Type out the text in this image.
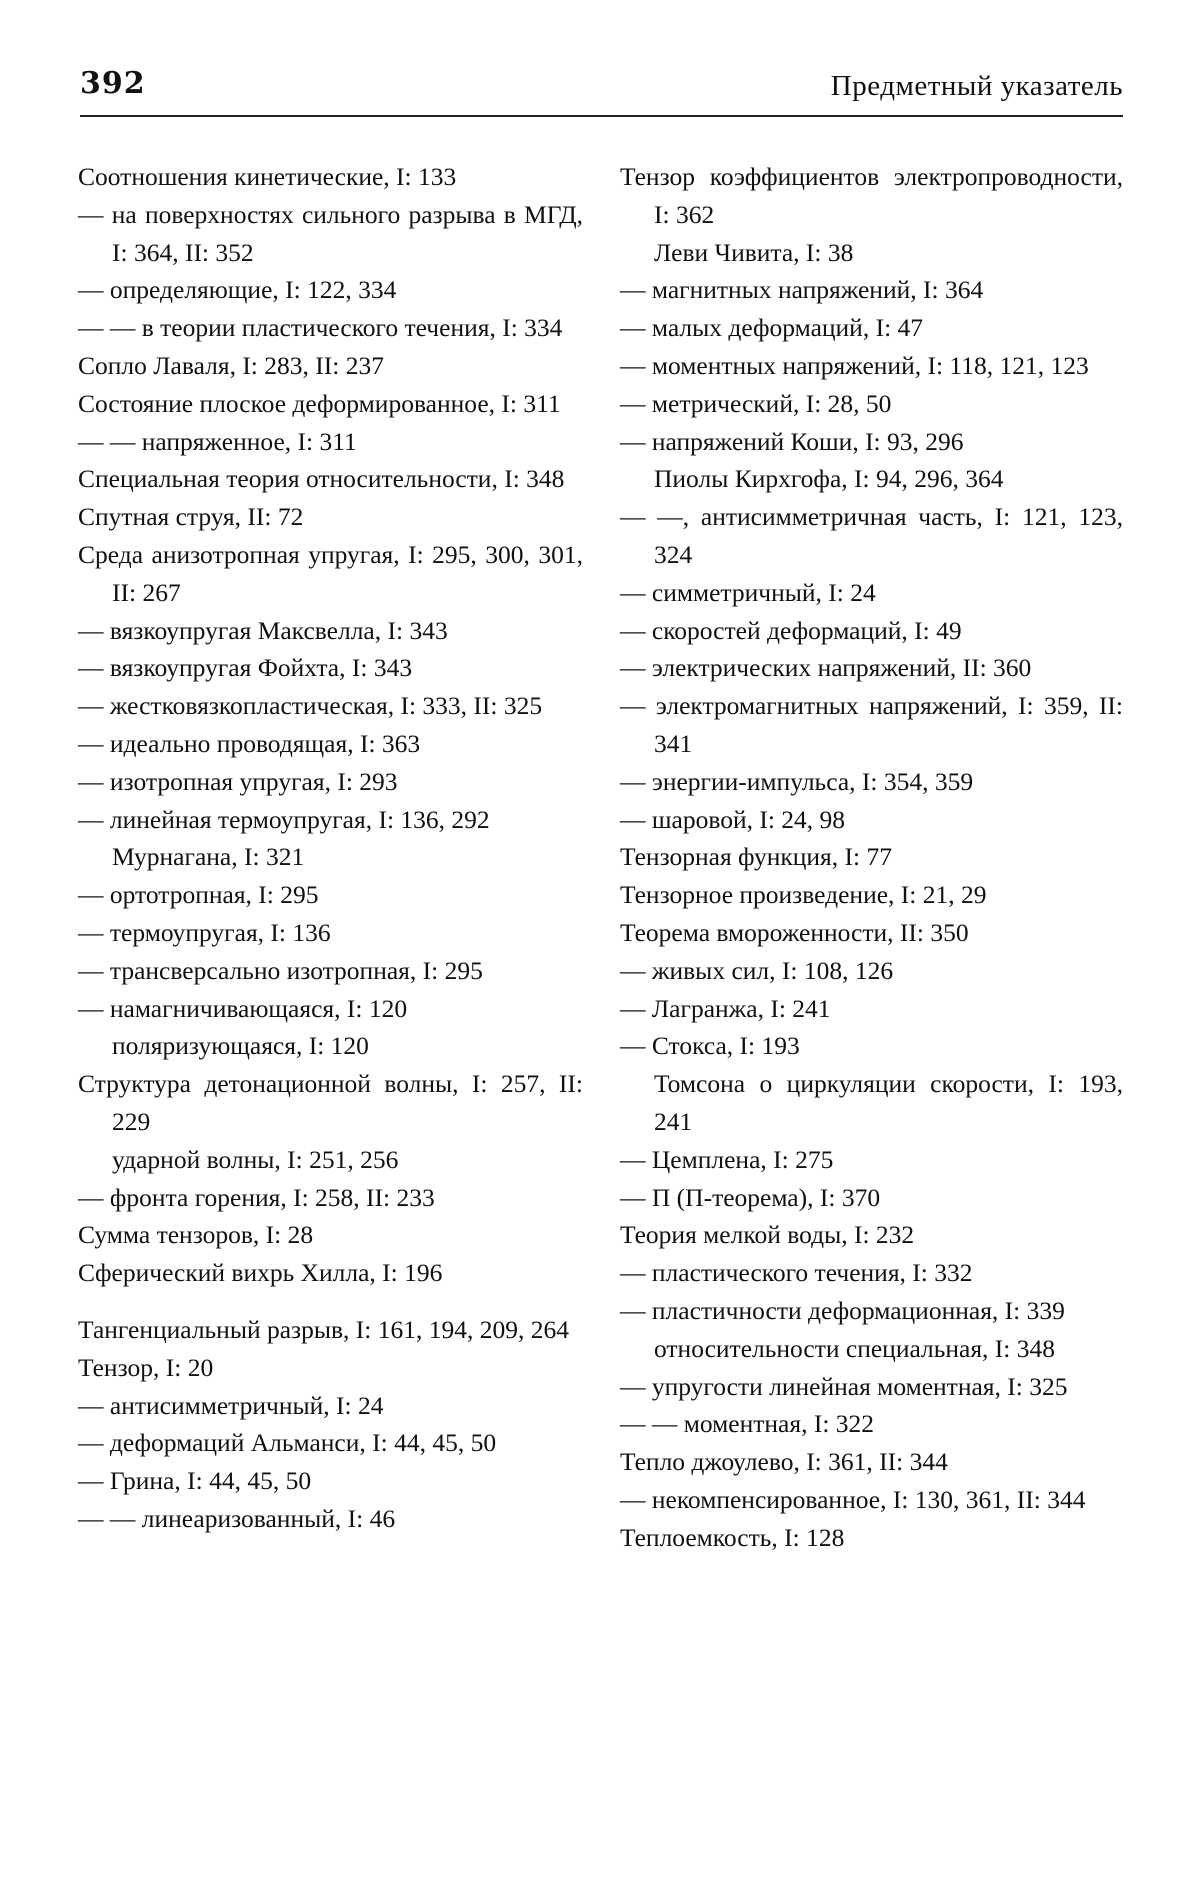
392	Предметный указатель
Соотношения кинетические, I: 133
— на поверхностях сильного разрыва в МГД, I: 364, II: 352
— определяющие, I: 122, 334
— — в теории пластического течения, I: 334
Сопло Лаваля, I: 283, II: 237
Состояние плоское деформированное, I: 311
— — напряженное, I: 311
Специальная теория относительности, I: 348
Спутная струя, II: 72
Среда анизотропная упругая, I: 295, 300, 301, II: 267
— вязкоупругая Максвелла, I: 343
— вязкоупругая Фойхта, I: 343
— жестковязкопластическая, I: 333, II: 325
— идеально проводящая, I: 363
— изотропная упругая, I: 293
— линейная термоупругая, I: 136, 292
Мурнагана, I: 321
— ортотропная, I: 295
— термоупругая, I: 136
— трансверсально изотропная, I: 295
— намагничивающаяся, I: 120
поляризующаяся, I: 120
Структура детонационной волны, I: 257, II: 229
ударной волны, I: 251, 256
— фронта горения, I: 258, II: 233
Сумма тензоров, I: 28
Сферический вихрь Хилла, I: 196
Тангенциальный разрыв, I: 161, 194, 209, 264
Тензор, I: 20
— антисимметричный, I: 24
— деформаций Альманси, I: 44, 45, 50
— Грина, I: 44, 45, 50
— — линеаризованный, I: 46
Тензор коэффициентов электропроводности, I: 362
Леви Чивита, I: 38
— магнитных напряжений, I: 364
— малых деформаций, I: 47
— моментных напряжений, I: 118, 121, 123
— метрический, I: 28, 50
— напряжений Коши, I: 93, 296
Пиолы Кирхгофа, I: 94, 296, 364
— —, антисимметричная часть, I: 121, 123, 324
— симметричный, I: 24
— скоростей деформаций, I: 49
— электрических напряжений, II: 360
— электромагнитных напряжений, I: 359, II: 341
— энергии-импульса, I: 354, 359
— шаровой, I: 24, 98
Тензорная функция, I: 77
Тензорное произведение, I: 21, 29
Теорема вмороженности, II: 350
— живых сил, I: 108, 126
— Лагранжа, I: 241
— Стокса, I: 193
Томсона о циркуляции скорости, I: 193, 241
— Цемплена, I: 275
— П (П-теорема), I: 370
Теория мелкой воды, I: 232
— пластического течения, I: 332
— пластичности деформационная, I: 339
относительности специальная, I: 348
— упругости линейная моментная, I: 325
— — моментная, I: 322
Тепло джоулево, I: 361, II: 344
— некомпенсированное, I: 130, 361, II: 344
Теплоемкость, I: 128
